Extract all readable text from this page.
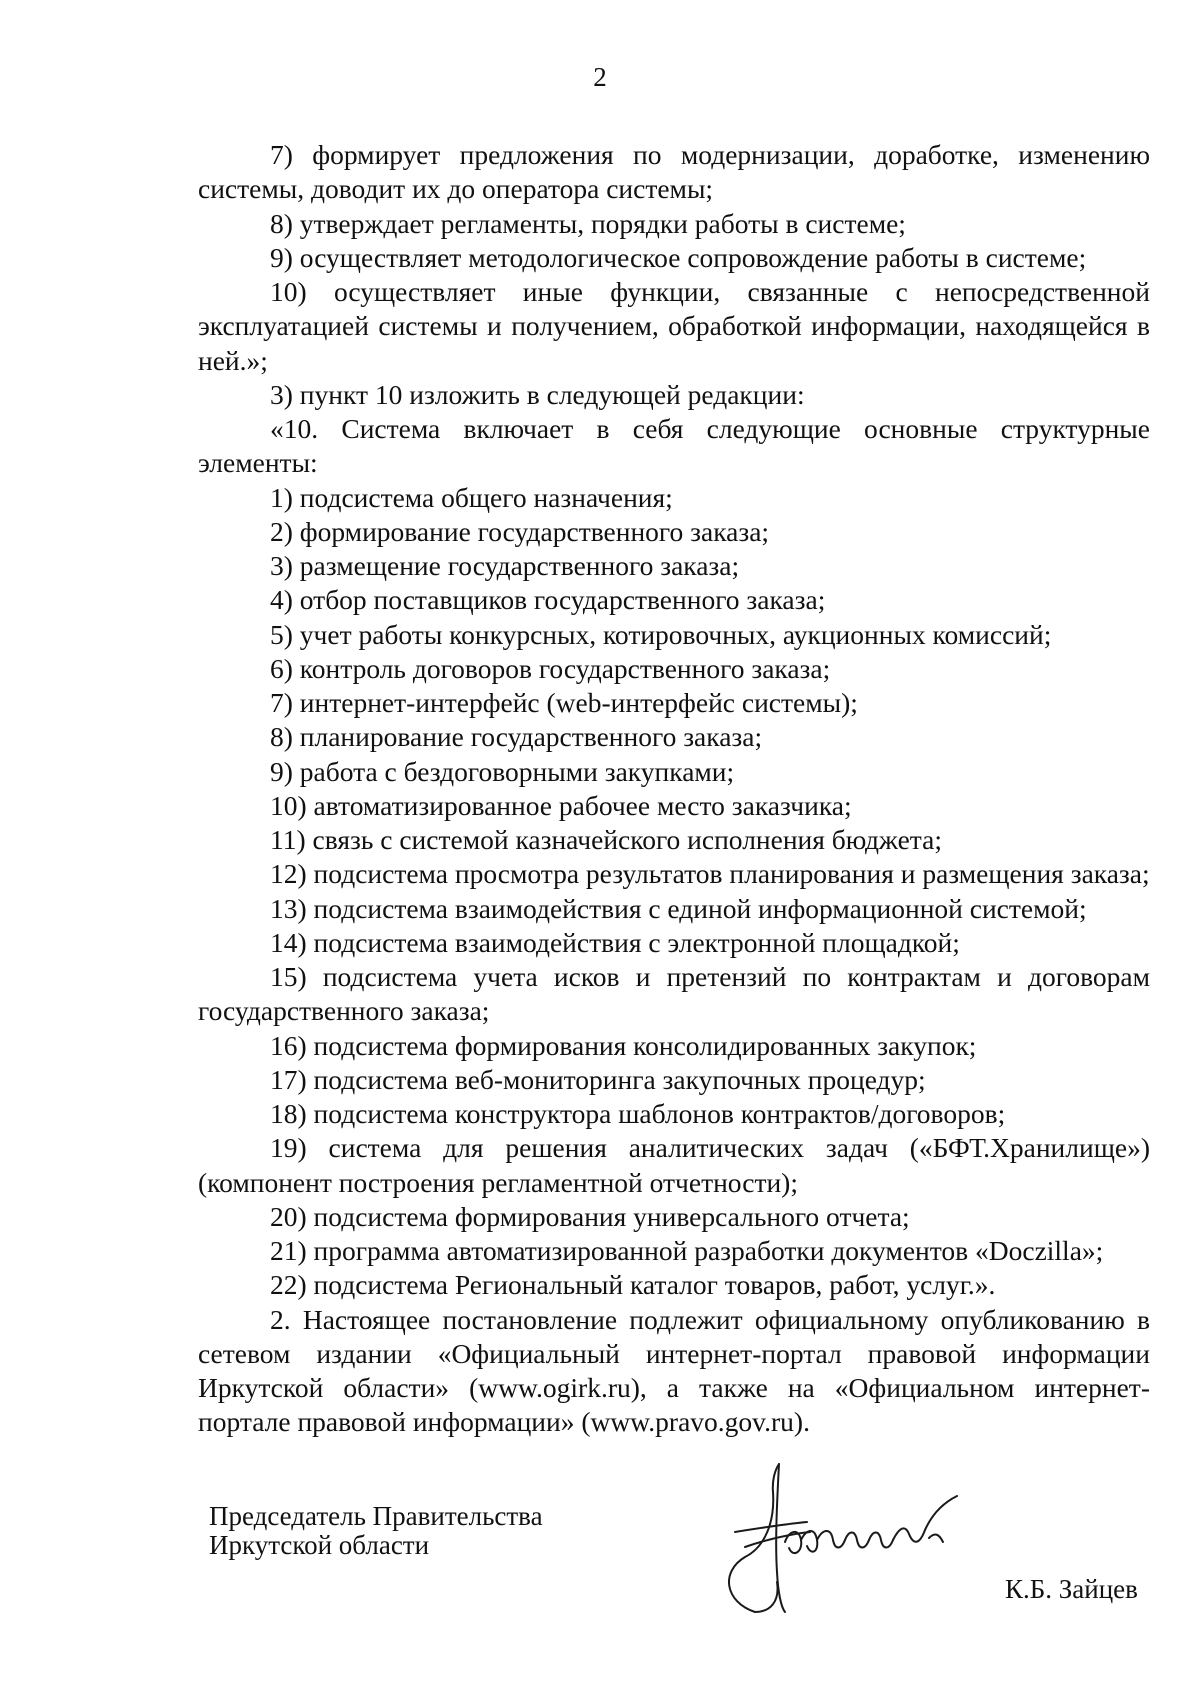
2

7) формирует предложения по модернизации, доработке, изменению системы, доводит их до оператора системы;

8) утверждает регламенты, порядки работы в системе;

9) осуществляет методологическое сопровождение работы в системе;

10) осуществляет иные функции, связанные с непосредственной эксплуатацией системы и получением, обработкой информации, находящейся в ней.»;

3) пункт 10 изложить в следующей редакции:

«10. Система включает в себя следующие основные структурные элементы:

1) подсистема общего назначения;

2) формирование государственного заказа;

3) размещение государственного заказа;

4) отбор поставщиков государственного заказа;

5) учет работы конкурсных, котировочных, аукционных комиссий;

6) контроль договоров государственного заказа;

7) интернет-интерфейс (web-интерфейс системы);

8) планирование государственного заказа;

9) работа с бездоговорными закупками;

10) автоматизированное рабочее место заказчика;

11) связь с системой казначейского исполнения бюджета;

12) подсистема просмотра результатов планирования и размещения заказа;

13) подсистема взаимодействия с единой информационной системой;

14) подсистема взаимодействия с электронной площадкой;

15) подсистема учета исков и претензий по контрактам и договорам государственного заказа;

16) подсистема формирования консолидированных закупок;

17) подсистема веб-мониторинга закупочных процедур;

18) подсистема конструктора шаблонов контрактов/договоров;

19) система для решения аналитических задач («БФТ.Хранилище») (компонент построения регламентной отчетности);

20) подсистема формирования универсального отчета;

21) программа автоматизированной разработки документов «Doczilla»;

22) подсистема Региональный каталог товаров, работ, услуг.».

2. Настоящее постановление подлежит официальному опубликованию в сетевом издании «Официальный интернет-портал правовой информации Иркутской области» (www.ogirk.ru), а также на «Официальном интернет-портале правовой информации» (www.pravo.gov.ru).

Председатель Правительства
Иркутской области
К.Б. Зайцев
